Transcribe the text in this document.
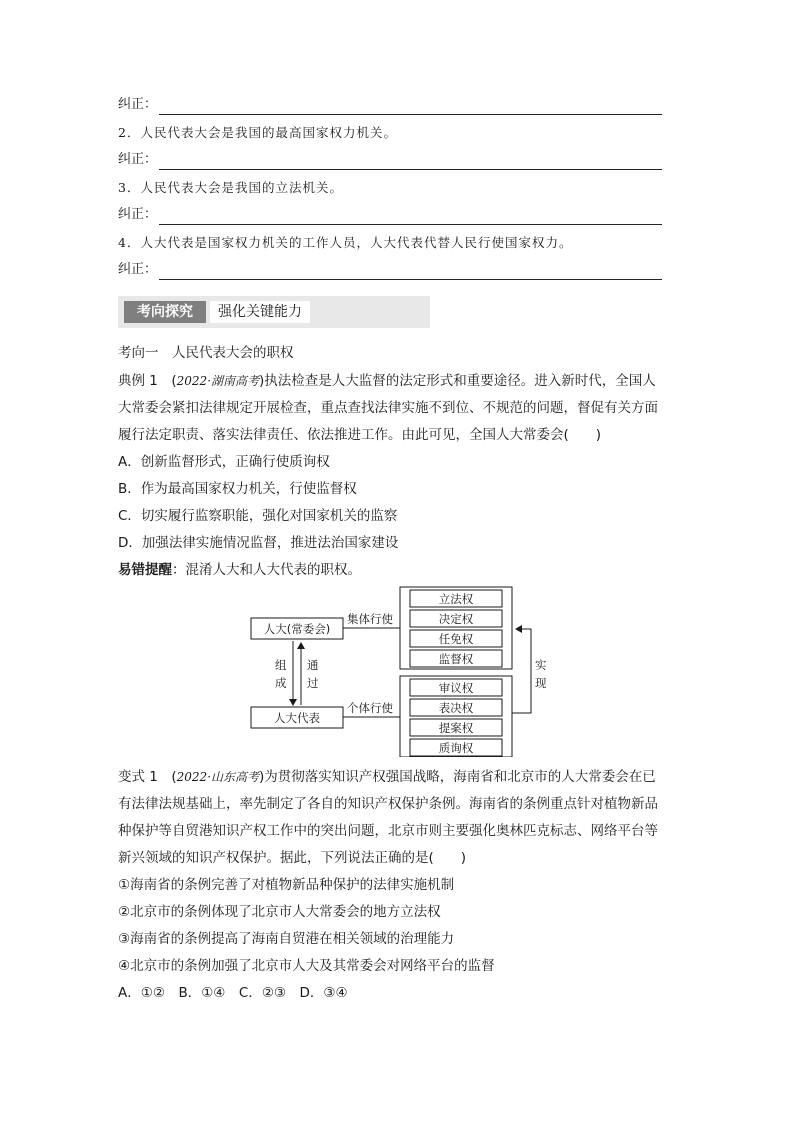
纠正：
2．人民代表大会是我国的最高国家权力机关。
纠正：
3．人民代表大会是我国的立法机关。
纠正：
4．人大代表是国家权力机关的工作人员，人大代表代替人民行使国家权力。
纠正：
考向探究	强化关键能力
考向一　人民代表大会的职权
典例 1　(2022·湖南高考)执法检查是人大监督的法定形式和重要途径。进入新时代，全国人
大常委会紧扣法律规定开展检查，重点查找法律实施不到位、不规范的问题，督促有关方面
履行法定职责、落实法律责任、依法推进工作。由此可见，全国人大常委会(　　)
A．创新监督形式，正确行使质询权
B．作为最高国家权力机关，行使监督权
C．切实履行监察职能，强化对国家机关的监察
D．加强法律实施情况监督，推进法治国家建设
易错提醒：混淆人大和人大代表的职权。
人大(常委会)
人大代表
组
成
通
过
集体行使
个体行使
立法权
决定权
任免权
监督权
审议权
表决权
提案权
质询权
实
现
变式 1　(2022·山东高考)为贯彻落实知识产权强国战略，海南省和北京市的人大常委会在已
有法律法规基础上，率先制定了各自的知识产权保护条例。海南省的条例重点针对植物新品
种保护等自贸港知识产权工作中的突出问题，北京市则主要强化奥林匹克标志、网络平台等
新兴领域的知识产权保护。据此，下列说法正确的是(　　)
①海南省的条例完善了对植物新品种保护的法律实施机制
②北京市的条例体现了北京市人大常委会的地方立法权
③海南省的条例提高了海南自贸港在相关领域的治理能力
④北京市的条例加强了北京市人大及其常委会对网络平台的监督
A．①②　B．①④　C．②③　D．③④
